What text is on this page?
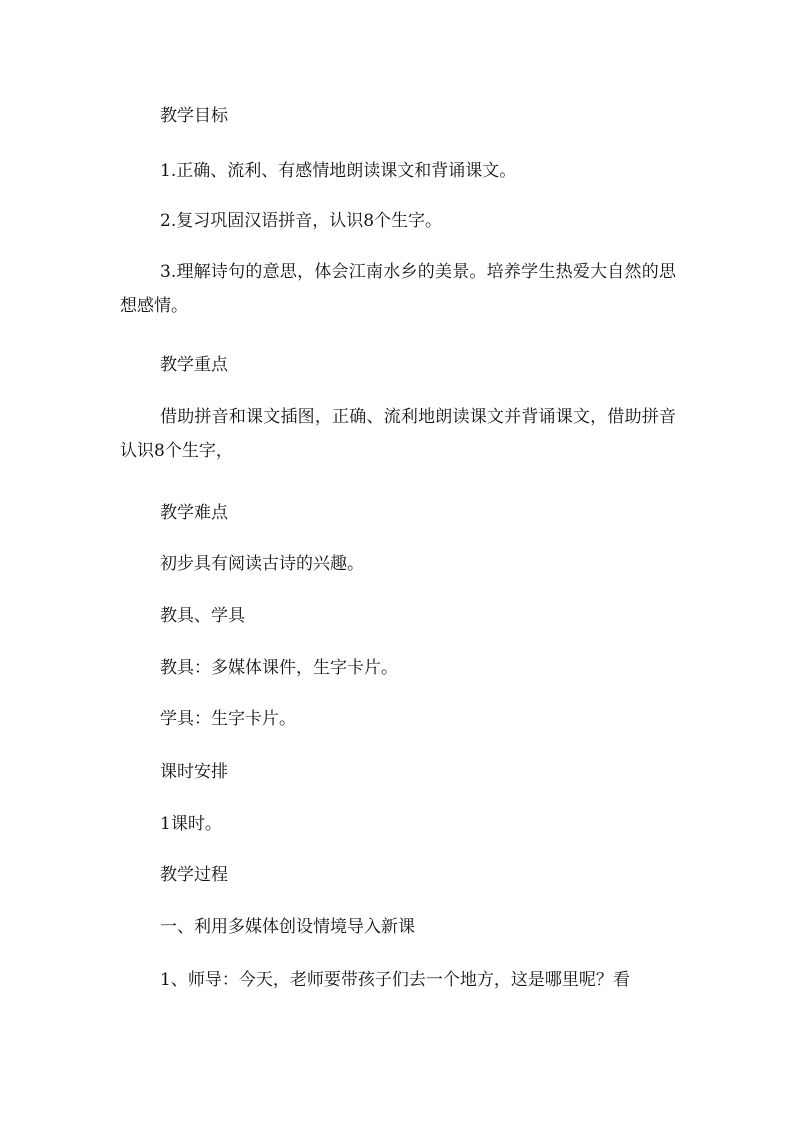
教学目标

1.正确、流利、有感情地朗读课文和背诵课文。

2.复习巩固汉语拼音，认识8个生字。

3.理解诗句的意思，体会江南水乡的美景。培养学生热爱大自然的思想感情。

教学重点

借助拼音和课文插图，正确、流利地朗读课文并背诵课文，借助拼音认识8个生字，

教学难点

初步具有阅读古诗的兴趣。

教具、学具

教具：多媒体课件，生字卡片。

学具：生字卡片。

课时安排

1课时。

教学过程

一、利用多媒体创设情境导入新课

1、师导：今天，老师要带孩子们去一个地方，这是哪里呢？看
